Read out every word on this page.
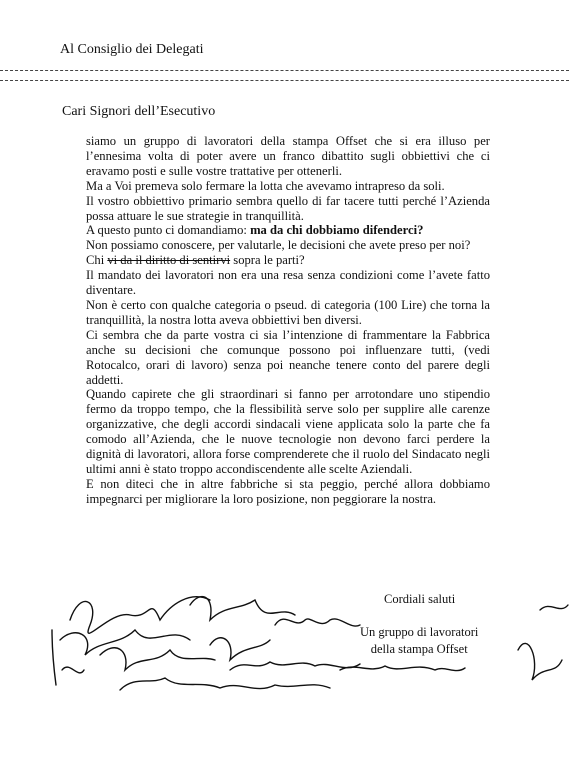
Al Consiglio dei Delegati
Cari Signori dell’Esecutivo

siamo un gruppo di lavoratori della stampa Offset che si era illuso per l’ennesima volta di poter avere un franco dibattito sugli obbiettivi che ci eravamo posti e sulle vostre trattative per ottenerli.

Ma a Voi premeva solo fermare la lotta che avevamo intrapreso da soli.

Il vostro obbiettivo primario sembra quello di far tacere tutti perché l’Azienda possa attuare le sue strategie in tranquillità.

A questo punto ci domandiamo: ma da chi dobbiamo difenderci?

Non possiamo conoscere, per valutarle, le decisioni che avete preso per noi?

Chi vi da il diritto di sentirvi sopra le parti?

Il mandato dei lavoratori non era una resa senza condizioni come l’avete fatto diventare.

Non è certo con qualche categoria o pseud. di categoria (100 Lire) che torna la tranquillità, la nostra lotta aveva obbiettivi ben diversi.

Ci sembra che da parte vostra ci sia l’intenzione di frammentare la Fabbrica anche su decisioni che comunque possono poi influenzare tutti, (vedi Rotocalco, orari di lavoro) senza poi neanche tenere conto del parere degli addetti.

Quando capirete che gli straordinari si fanno per arrotondare uno stipendio fermo da troppo tempo, che la flessibilità serve solo per supplire alle carenze organizzative, che degli accordi sindacali viene applicata solo la parte che fa comodo all’Azienda, che le nuove tecnologie non devono farci perdere la dignità di lavoratori, allora forse comprenderete che il ruolo del Sindacato negli ultimi anni è stato troppo accondiscendente alle scelte Aziendali.

E non diteci che in altre fabbriche si sta peggio, perché allora dobbiamo impegnarci per migliorare la loro posizione, non peggiorare la nostra.

Cordiali saluti
Un gruppo di lavoratori
della stampa Offset
